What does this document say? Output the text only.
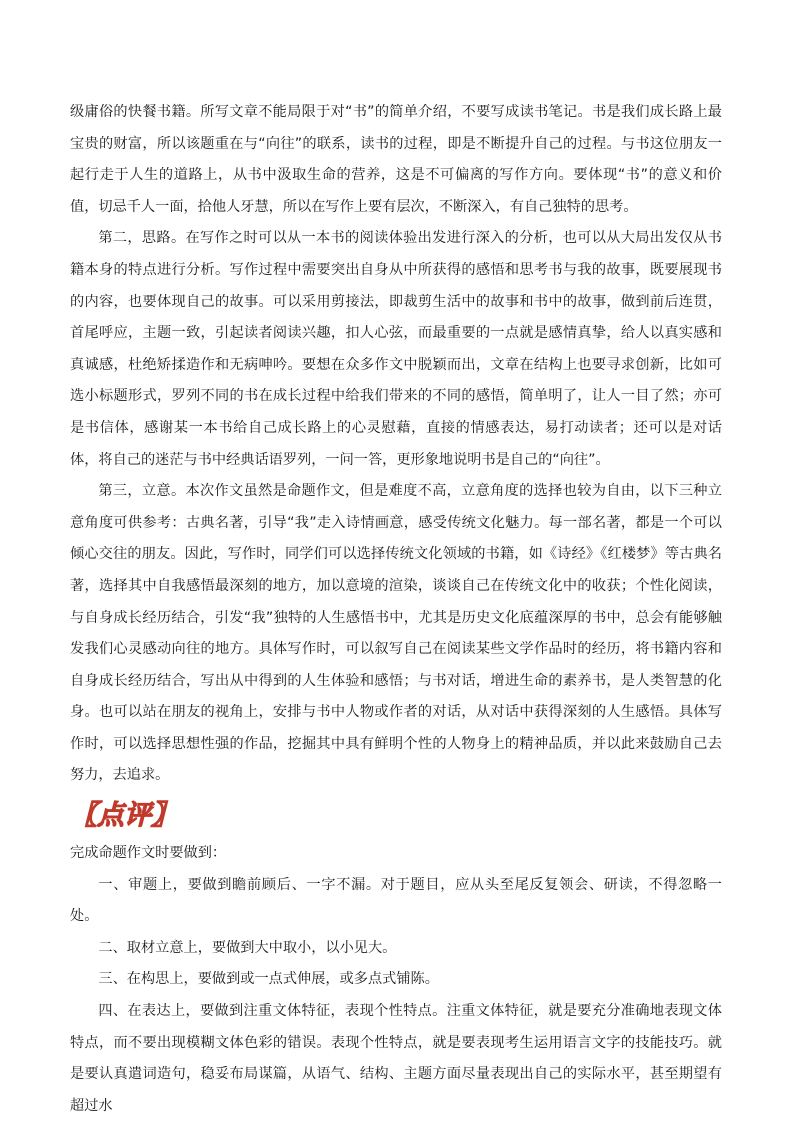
级庸俗的快餐书籍。所写文章不能局限于对“书”的简单介绍，不要写成读书笔记。书是我们成长路上最宝贵的财富，所以该题重在与“向往”的联系，读书的过程，即是不断提升自己的过程。与书这位朋友一起行走于人生的道路上，从书中汲取生命的营养，这是不可偏离的写作方向。要体现“书”的意义和价值，切忌千人一面，拾他人牙慧，所以在写作上要有层次，不断深入，有自己独特的思考。

第二，思路。在写作之时可以从一本书的阅读体验出发进行深入的分析，也可以从大局出发仅从书籍本身的特点进行分析。写作过程中需要突出自身从中所获得的感悟和思考书与我的故事，既要展现书的内容，也要体现自己的故事。可以采用剪接法，即裁剪生活中的故事和书中的故事，做到前后连贯，首尾呼应，主题一致，引起读者阅读兴趣，扣人心弦，而最重要的一点就是感情真挚，给人以真实感和真诚感，杜绝矫揉造作和无病呻吟。要想在众多作文中脱颖而出，文章在结构上也要寻求创新，比如可选小标题形式，罗列不同的书在成长过程中给我们带来的不同的感悟，简单明了，让人一目了然；亦可是书信体，感谢某一本书给自己成长路上的心灵慰藉，直接的情感表达，易打动读者；还可以是对话体，将自己的迷茫与书中经典话语罗列，一问一答，更形象地说明书是自己的“向往”。

第三，立意。本次作文虽然是命题作文，但是难度不高，立意角度的选择也较为自由，以下三种立意角度可供参考：古典名著，引导“我”走入诗情画意，感受传统文化魅力。每一部名著，都是一个可以倾心交往的朋友。因此，写作时，同学们可以选择传统文化领域的书籍，如《诗经》《红楼梦》等古典名著，选择其中自我感悟最深刻的地方，加以意境的渲染，谈谈自己在传统文化中的收获；个性化阅读，与自身成长经历结合，引发“我”独特的人生感悟书中，尤其是历史文化底蕴深厚的书中，总会有能够触发我们心灵感动向往的地方。具体写作时，可以叙写自己在阅读某些文学作品时的经历，将书籍内容和自身成长经历结合，写出从中得到的人生体验和感悟；与书对话，增进生命的素养书，是人类智慧的化身。也可以站在朋友的视角上，安排与书中人物或作者的对话，从对话中获得深刻的人生感悟。具体写作时，可以选择思想性强的作品，挖掘其中具有鲜明个性的人物身上的精神品质，并以此来鼓励自己去努力，去追求。

〖点评〗

完成命题作文时要做到：

一、审题上，要做到瞻前顾后、一字不漏。对于题目，应从头至尾反复领会、研读，不得忽略一处。

二、取材立意上，要做到大中取小，以小见大。

三、在构思上，要做到或一点式伸展，或多点式铺陈。

四、在表达上，要做到注重文体特征，表现个性特点。注重文体特征，就是要充分准确地表现文体特点，而不要出现模糊文体色彩的错误。表现个性特点，就是要表现考生运用语言文字的技能技巧。就是要认真遣词造句，稳妥布局谋篇，从语气、结构、主题方面尽量表现出自己的实际水平，甚至期望有超过水
